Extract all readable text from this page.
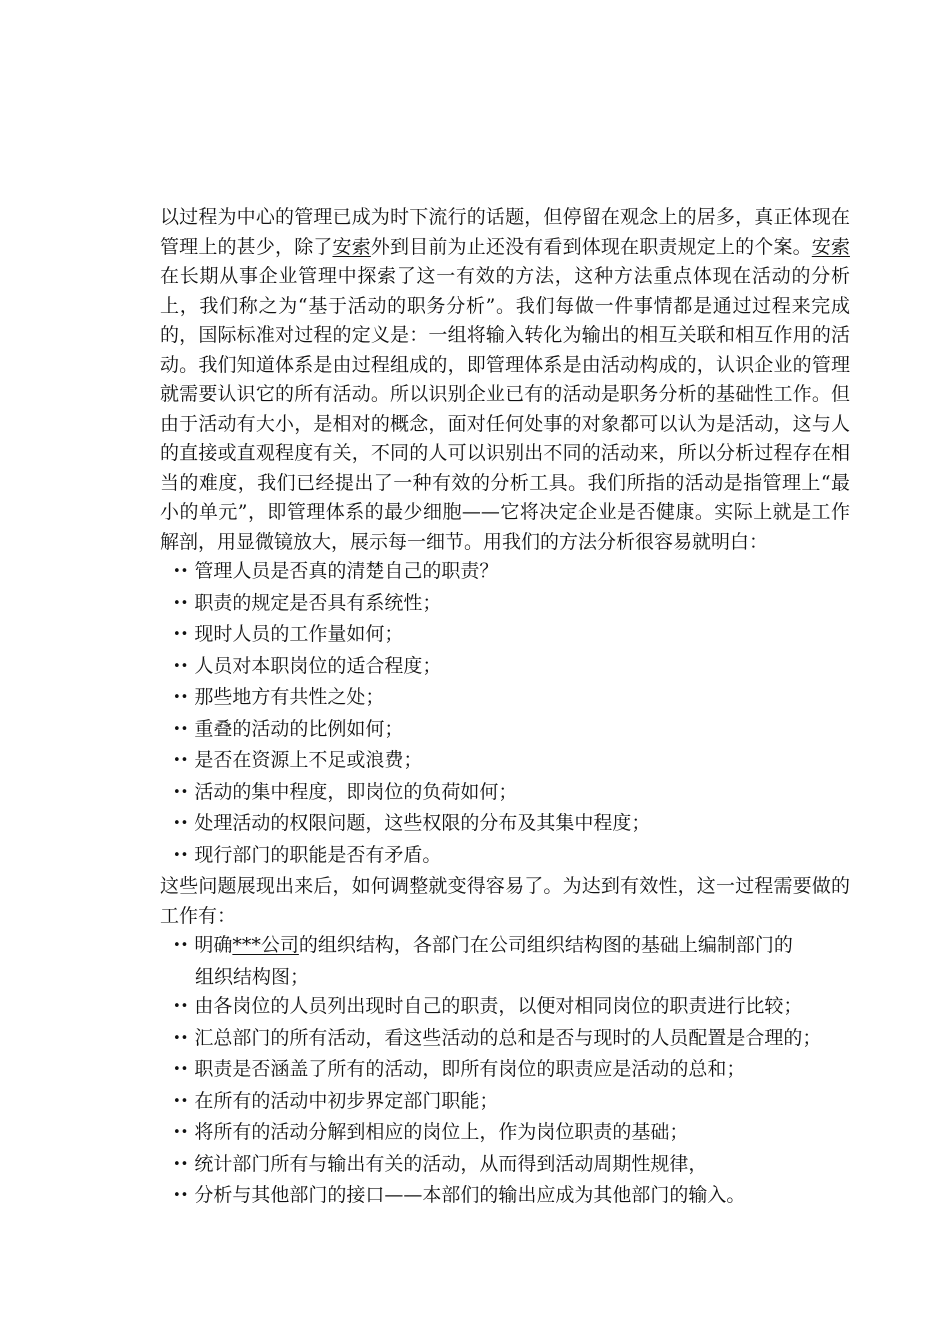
以过程为中心的管理已成为时下流行的话题，但停留在观念上的居多，真正体现在管理上的甚少，除了安索外到目前为止还没有看到体现在职责规定上的个案。安索在长期从事企业管理中探索了这一有效的方法，这种方法重点体现在活动的分析上，我们称之为“基于活动的职务分析”。我们每做一件事情都是通过过程来完成的，国际标准对过程的定义是：一组将输入转化为输出的相互关联和相互作用的活动。我们知道体系是由过程组成的，即管理体系是由活动构成的，认识企业的管理就需要认识它的所有活动。所以识别企业已有的活动是职务分析的基础性工作。但由于活动有大小，是相对的概念，面对任何处事的对象都可以认为是活动，这与人的直接或直观程度有关，不同的人可以识别出不同的活动来，所以分析过程存在相当的难度，我们已经提出了一种有效的分析工具。我们所指的活动是指管理上“最小的单元”，即管理体系的最少细胞——它将决定企业是否健康。实际上就是工作解剖，用显微镜放大，展示每一细节。用我们的方法分析很容易就明白：

•• 管理人员是否真的清楚自己的职责？
•• 职责的规定是否具有系统性；
•• 现时人员的工作量如何；
•• 人员对本职岗位的适合程度；
•• 那些地方有共性之处；
•• 重叠的活动的比例如何；
•• 是否在资源上不足或浪费；
•• 活动的集中程度，即岗位的负荷如何；
•• 处理活动的权限问题，这些权限的分布及其集中程度；
•• 现行部门的职能是否有矛盾。

这些问题展现出来后，如何调整就变得容易了。为达到有效性，这一过程需要做的工作有：

•• 明确***公司的组织结构，各部门在公司组织结构图的基础上编制部门的
组织结构图；
•• 由各岗位的人员列出现时自己的职责，以便对相同岗位的职责进行比较；
•• 汇总部门的所有活动，看这些活动的总和是否与现时的人员配置是合理的；
•• 职责是否涵盖了所有的活动，即所有岗位的职责应是活动的总和；
•• 在所有的活动中初步界定部门职能；
•• 将所有的活动分解到相应的岗位上，作为岗位职责的基础；
•• 统计部门所有与输出有关的活动，从而得到活动周期性规律，
•• 分析与其他部门的接口——本部们的输出应成为其他部门的输入。
